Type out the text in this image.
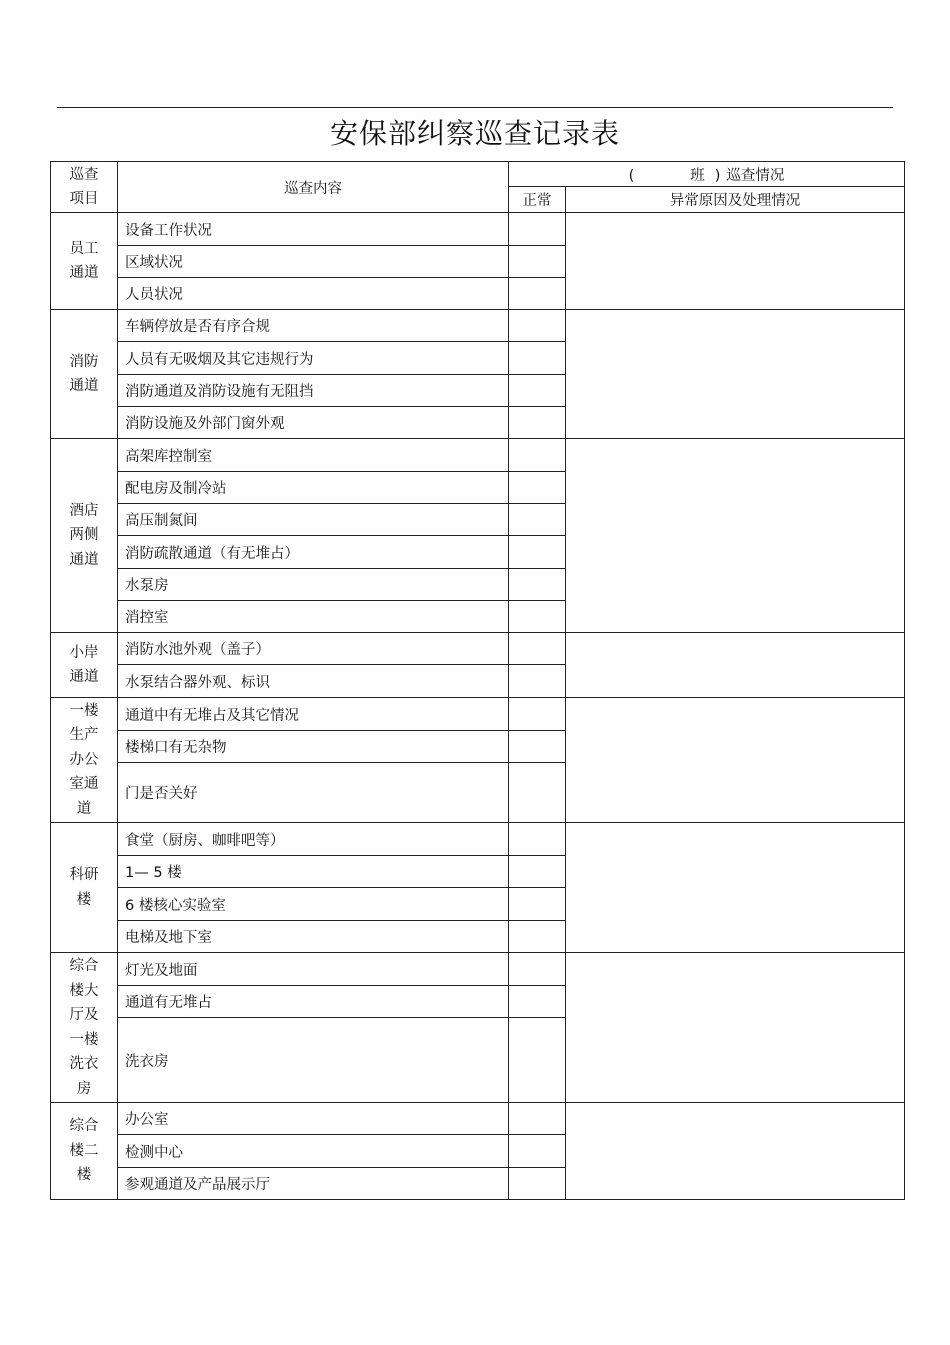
安保部纠察巡查记录表
巡查项目	巡查内容	( 班 ) 巡查情况	
		正常	异常原因及处理情况
员工通道	设备工作状况		
	区域状况		
	人员状况		
消防通道	车辆停放是否有序合规		
	人员有无吸烟及其它违规行为		
	消防通道及消防设施有无阻挡		
	消防设施及外部门窗外观		
酒店两侧通道	高架库控制室		
	配电房及制冷站		
	高压制氮间		
	消防疏散通道（有无堆占）		
	水泵房		
	消控室		
小岸通道	消防水池外观（盖子）		
	水泵结合器外观、标识		
一楼生产办公室通道	通道中有无堆占及其它情况		
	楼梯口有无杂物		
	门是否关好		
科研楼	食堂（厨房、咖啡吧等）		
	1— 5 楼		
	6 楼核心实验室		
	电梯及地下室		
综合楼大厅及一楼洗衣房	灯光及地面		
	通道有无堆占		
	洗衣房		
综合楼二楼	办公室		
	检测中心		
	参观通道及产品展示厅		
